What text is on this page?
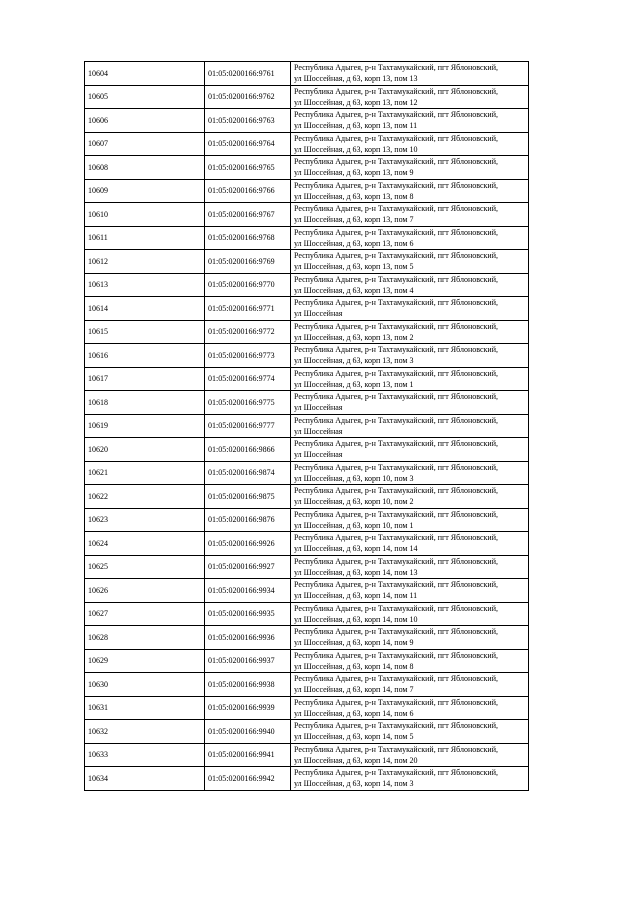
10604	01:05:0200166:9761	Республика Адыгея, р-н Тахтамукайский, пгт Яблоновский,
ул Шоссейная, д 63, корп 13, пом 13

10605	01:05:0200166:9762	Республика Адыгея, р-н Тахтамукайский, пгт Яблоновский,
ул Шоссейная, д 63, корп 13, пом 12

10606	01:05:0200166:9763	Республика Адыгея, р-н Тахтамукайский, пгт Яблоновский,
ул Шоссейная, д 63, корп 13, пом 11

10607	01:05:0200166:9764	Республика Адыгея, р-н Тахтамукайский, пгт Яблоновский,
ул Шоссейная, д 63, корп 13, пом 10

10608	01:05:0200166:9765	Республика Адыгея, р-н Тахтамукайский, пгт Яблоновский,
ул Шоссейная, д 63, корп 13, пом 9

10609	01:05:0200166:9766	Республика Адыгея, р-н Тахтамукайский, пгт Яблоновский,
ул Шоссейная, д 63, корп 13, пом 8

10610	01:05:0200166:9767	Республика Адыгея, р-н Тахтамукайский, пгт Яблоновский,
ул Шоссейная, д 63, корп 13, пом 7

10611	01:05:0200166:9768	Республика Адыгея, р-н Тахтамукайский, пгт Яблоновский,
ул Шоссейная, д 63, корп 13, пом 6

10612	01:05:0200166:9769	Республика Адыгея, р-н Тахтамукайский, пгт Яблоновский,
ул Шоссейная, д 63, корп 13, пом 5

10613	01:05:0200166:9770	Республика Адыгея, р-н Тахтамукайский, пгт Яблоновский,
ул Шоссейная, д 63, корп 13, пом 4

10614	01:05:0200166:9771	Республика Адыгея, р-н Тахтамукайский, пгт Яблоновский,
ул Шоссейная

10615	01:05:0200166:9772	Республика Адыгея, р-н Тахтамукайский, пгт Яблоновский,
ул Шоссейная, д 63, корп 13, пом 2

10616	01:05:0200166:9773	Республика Адыгея, р-н Тахтамукайский, пгт Яблоновский,
ул Шоссейная, д 63, корп 13, пом 3

10617	01:05:0200166:9774	Республика Адыгея, р-н Тахтамукайский, пгт Яблоновский,
ул Шоссейная, д 63, корп 13, пом 1

10618	01:05:0200166:9775	Республика Адыгея, р-н Тахтамукайский, пгт Яблоновский,
ул Шоссейная

10619	01:05:0200166:9777	Республика Адыгея, р-н Тахтамукайский, пгт Яблоновский,
ул Шоссейная

10620	01:05:0200166:9866	Республика Адыгея, р-н Тахтамукайский, пгт Яблоновский,
ул Шоссейная

10621	01:05:0200166:9874	Республика Адыгея, р-н Тахтамукайский, пгт Яблоновский,
ул Шоссейная, д 63, корп 10, пом 3

10622	01:05:0200166:9875	Республика Адыгея, р-н Тахтамукайский, пгт Яблоновский,
ул Шоссейная, д 63, корп 10, пом 2

10623	01:05:0200166:9876	Республика Адыгея, р-н Тахтамукайский, пгт Яблоновский,
ул Шоссейная, д 63, корп 10, пом 1

10624	01:05:0200166:9926	Республика Адыгея, р-н Тахтамукайский, пгт Яблоновский,
ул Шоссейная, д 63, корп 14, пом 14

10625	01:05:0200166:9927	Республика Адыгея, р-н Тахтамукайский, пгт Яблоновский,
ул Шоссейная, д 63, корп 14, пом 13

10626	01:05:0200166:9934	Республика Адыгея, р-н Тахтамукайский, пгт Яблоновский,
ул Шоссейная, д 63, корп 14, пом 11

10627	01:05:0200166:9935	Республика Адыгея, р-н Тахтамукайский, пгт Яблоновский,
ул Шоссейная, д 63, корп 14, пом 10

10628	01:05:0200166:9936	Республика Адыгея, р-н Тахтамукайский, пгт Яблоновский,
ул Шоссейная, д 63, корп 14, пом 9

10629	01:05:0200166:9937	Республика Адыгея, р-н Тахтамукайский, пгт Яблоновский,
ул Шоссейная, д 63, корп 14, пом 8

10630	01:05:0200166:9938	Республика Адыгея, р-н Тахтамукайский, пгт Яблоновский,
ул Шоссейная, д 63, корп 14, пом 7

10631	01:05:0200166:9939	Республика Адыгея, р-н Тахтамукайский, пгт Яблоновский,
ул Шоссейная, д 63, корп 14, пом 6

10632	01:05:0200166:9940	Республика Адыгея, р-н Тахтамукайский, пгт Яблоновский,
ул Шоссейная, д 63, корп 14, пом 5

10633	01:05:0200166:9941	Республика Адыгея, р-н Тахтамукайский, пгт Яблоновский,
ул Шоссейная, д 63, корп 14, пом 20

10634	01:05:0200166:9942	Республика Адыгея, р-н Тахтамукайский, пгт Яблоновский,
ул Шоссейная, д 63, корп 14, пом 3
